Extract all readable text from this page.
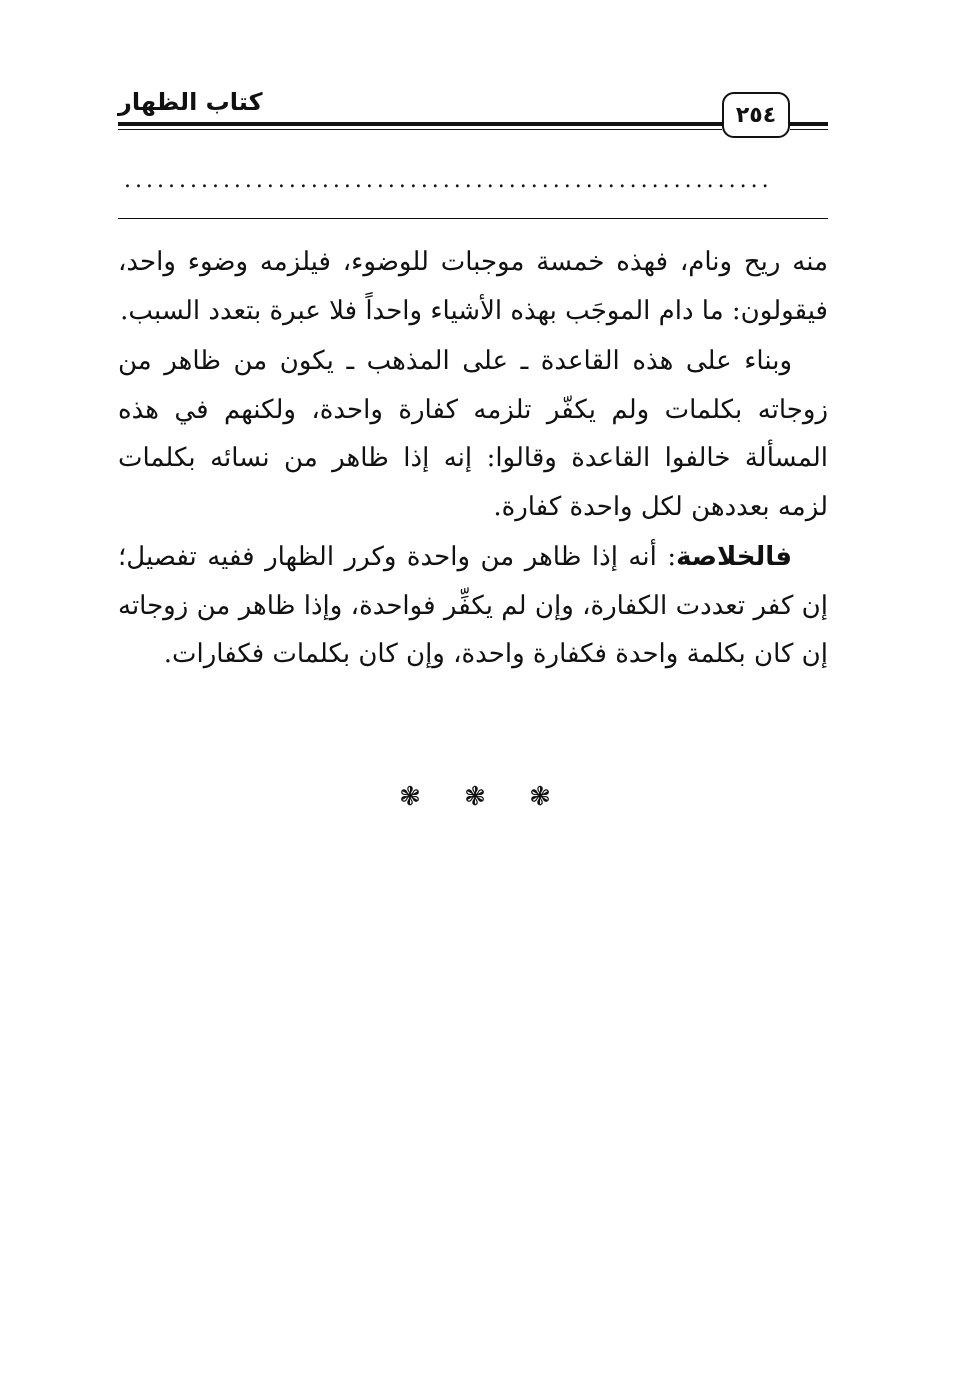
كتاب الظهار	٢٥٤
...........................................................

منه ريح ونام، فهذه خمسة موجبات للوضوء، فيلزمه وضوء واحد، فيقولون: ما دام الموجَب بهذه الأشياء واحداً فلا عبرة بتعدد السبب.

وبناء على هذه القاعدة ـ على المذهب ـ يكون من ظاهر من زوجاته بكلمات ولم يكفّر تلزمه كفارة واحدة، ولكنهم في هذه المسألة خالفوا القاعدة وقالوا: إنه إذا ظاهر من نسائه بكلمات لزمه بعددهن لكل واحدة كفارة.

فالخلاصة: أنه إذا ظاهر من واحدة وكرر الظهار ففيه تفصيل؛ إن كفر تعددت الكفارة، وإن لم يكفِّر فواحدة، وإذا ظاهر من زوجاته إن كان بكلمة واحدة فكفارة واحدة، وإن كان بكلمات فكفارات.

❃ ❃ ❃
